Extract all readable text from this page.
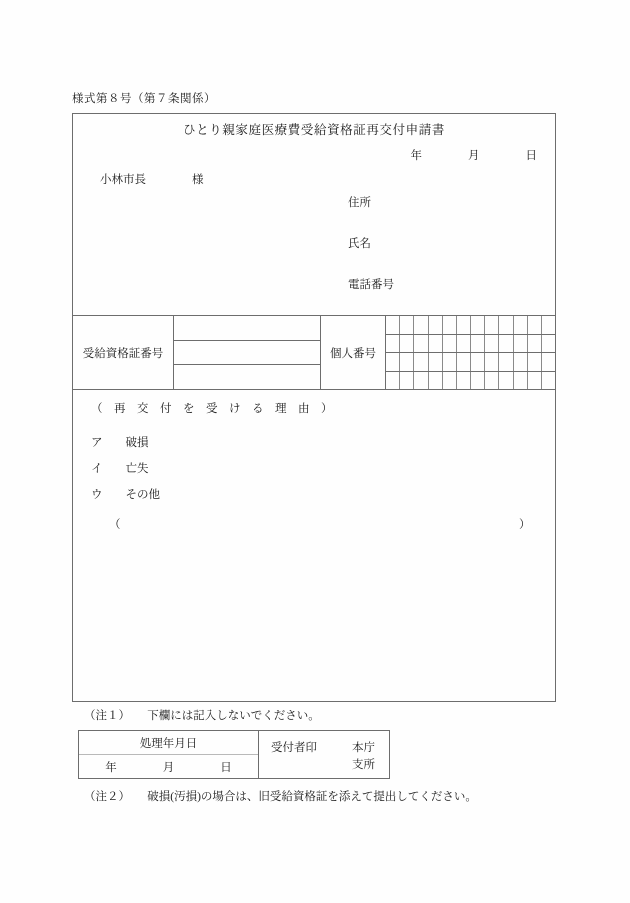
様式第８号（第７条関係）
ひとり親家庭医療費受給資格証再交付申請書
年　　　　月　　　　日
小林市長　　　　様
住所
氏名
電話番号
受給資格証番号	個人番号
（　再　交　付　を　受　け　る　理　由　）
ア　　破損
イ　　亡失
ウ　　その他
（	）
（注１）　　下欄には記入しないでください。
処理年月日
年　　　　月　　　　日
受付者印	本庁
支所
（注２）　　破損(汚損)の場合は、旧受給資格証を添えて提出してください。
